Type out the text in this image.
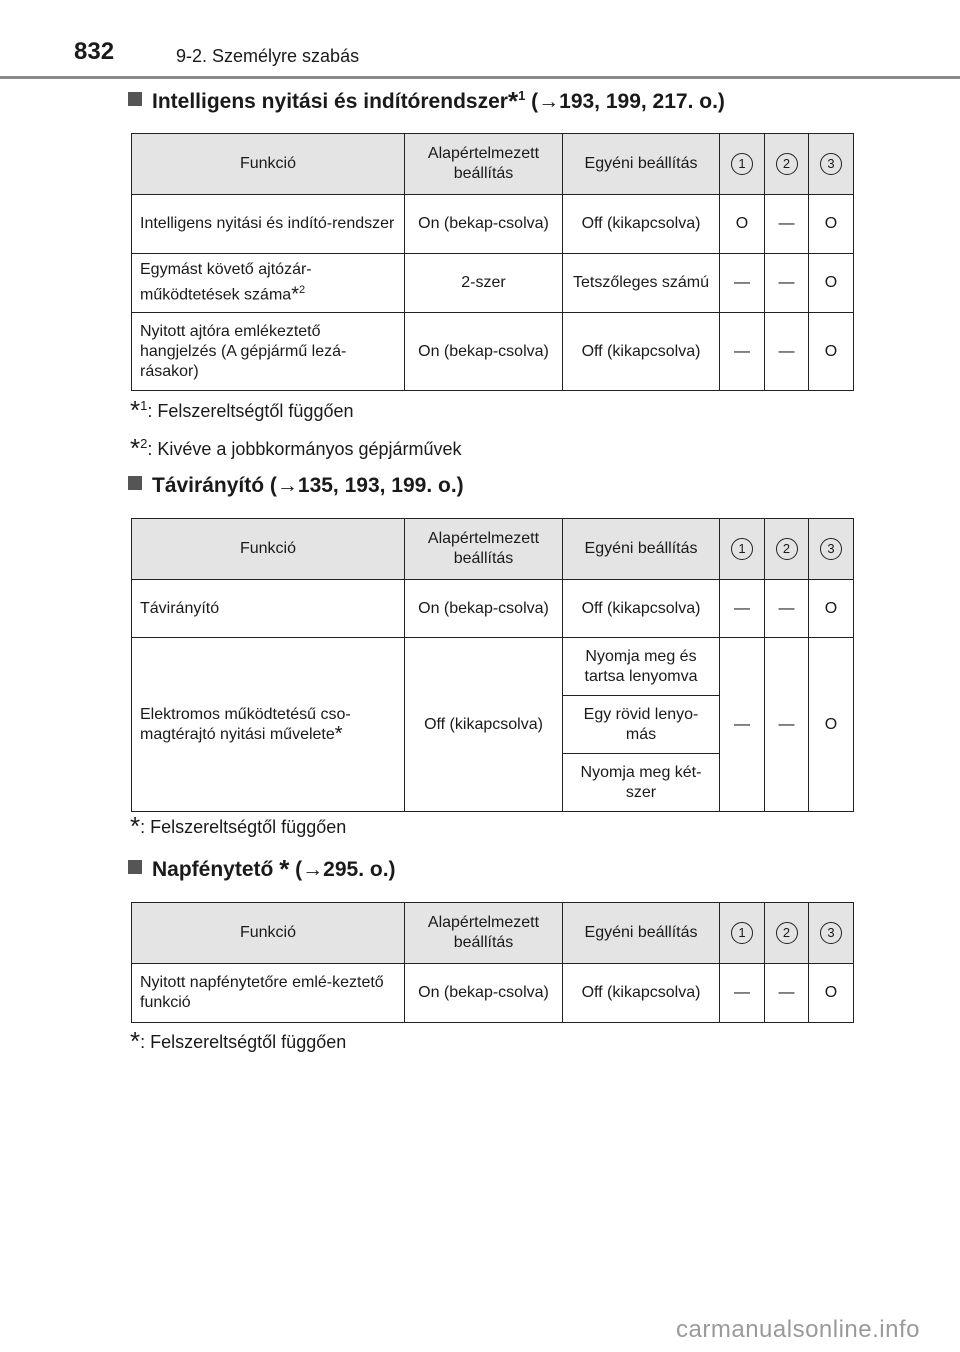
832	9-2. Személyre szabás
Intelligens nyitási és indítórendszer*$^1$ (→193, 199, 217. o.)
Funkció	Alapértelmezett beállítás	Egyéni beállítás	1	2	3
Intelligens nyitási és indító-rendszer	On (bekap-csolva)	Off (kikapcsolva)	O	—	O
Egymást követő ajtózár-működtetések száma*$^2$	2-szer	Tetszőleges számú	—	—	O
Nyitott ajtóra emlékeztető hangjelzés (A gépjármű lezá-rásakor)	On (bekap-csolva)	Off (kikapcsolva)	—	—	O
*$^1$: Felszereltségtől függően
*$^2$: Kivéve a jobbkormányos gépjárművek
Távirányító (→135, 193, 199. o.)
Funkció	Alapértelmezett beállítás	Egyéni beállítás	1	2	3
Távirányító	On (bekap-csolva)	Off (kikapcsolva)	—	—	O
Elektromos működtetésű cso-magtérajtó nyitási művelete*	Off (kikapcsolva)	Nyomja meg és tartsa lenyomva	—	—	O
		Egy rövid lenyo-más			
		Nyomja meg két-szer			
*: Felszereltségtől függően
Napfénytető * (→295. o.)
Funkció	Alapértelmezett beállítás	Egyéni beállítás	1	2	3
Nyitott napfénytetőre emlé-keztető funkció	On (bekap-csolva)	Off (kikapcsolva)	—	—	O
*: Felszereltségtől függően
carmanualsonline.info
